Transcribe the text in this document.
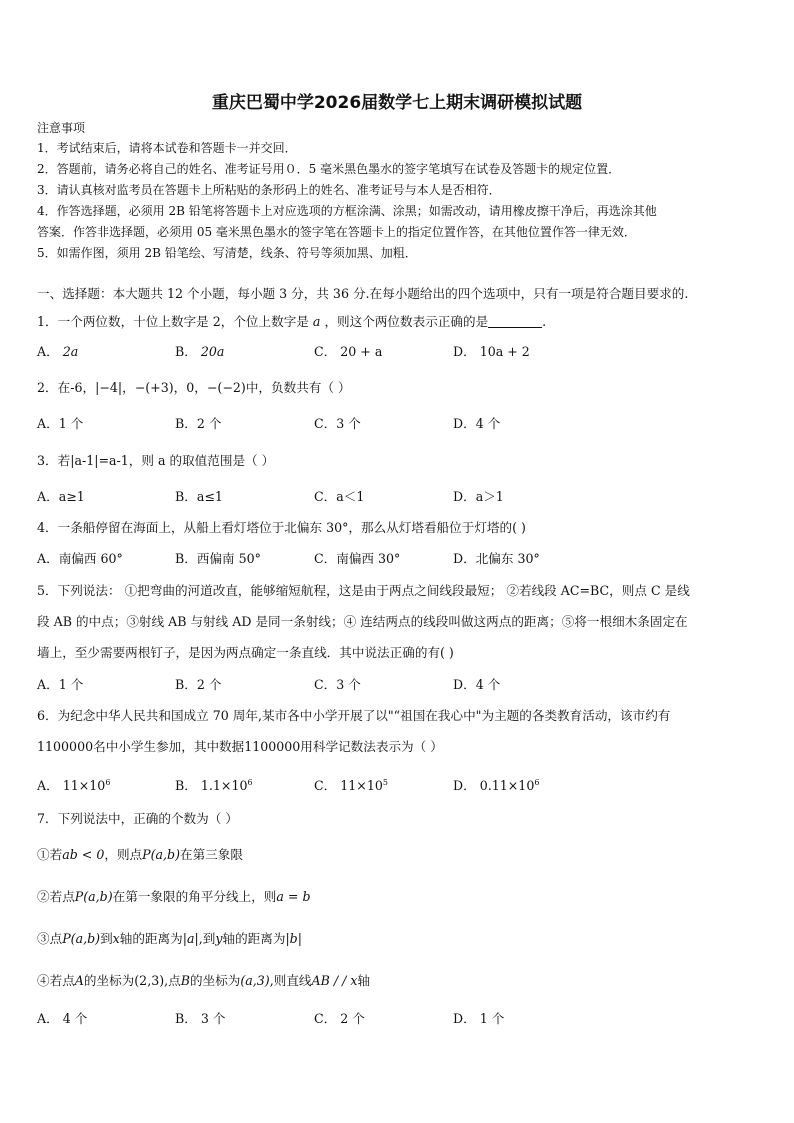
重庆巴蜀中学2026届数学七上期末调研模拟试题
注意事项
1．考试结束后，请将本试卷和答题卡一并交回．
2．答题前，请务必将自己的姓名、准考证号用０．5 毫米黑色墨水的签字笔填写在试卷及答题卡的规定位置．
3．请认真核对监考员在答题卡上所粘贴的条形码上的姓名、准考证号与本人是否相符．
4．作答选择题，必须用 2B 铅笔将答题卡上对应选项的方框涂满、涂黑；如需改动，请用橡皮擦干净后，再选涂其他
答案．作答非选择题，必须用 05 毫米黑色墨水的签字笔在答题卡上的指定位置作答，在其他位置作答一律无效．
5．如需作图，须用 2B 铅笔绘、写清楚，线条、符号等须加黑、加粗．
一、选择题：本大题共 12 个小题，每小题 3 分，共 36 分.在每小题给出的四个选项中，只有一项是符合题目要求的.
1．一个两位数，十位上数字是 2，个位上数字是 a ，则这个两位数表示正确的是	.
A． 2a	B． 20a	C． 20 + a	D． 10a + 2
2．在-6，|−4|，−(+3)，0，−(−2)中，负数共有（ ）
A．1 个	B．2 个	C．3 个	D．4 个
3．若|a-1|=a-1，则 a 的取值范围是（ ）
A．a≥1	B．a≤1	C．a＜1	D．a＞1
4．一条船停留在海面上，从船上看灯塔位于北偏东 30°，那么从灯塔看船位于灯塔的( )
A．南偏西 60°	B．西偏南 50°	C．南偏西 30°	D．北偏东 30°
5．下列说法： ①把弯曲的河道改直，能够缩短航程，这是由于两点之间线段最短； ②若线段 AC=BC，则点 C 是线
段 AB 的中点；③射线 AB 与射线 AD 是同一条射线；④ 连结两点的线段叫做这两点的距离；⑤将一根细木条固定在
墙上，至少需要两根钉子，是因为两点确定一条直线．其中说法正确的有( )
A．1 个	B．2 个	C．3 个	D．4 个
6．为纪念中华人民共和国成立 70 周年,某市各中小学开展了以"“祖国在我心中"为主题的各类教育活动，该市约有
1100000名中小学生参加，其中数据1100000用科学记数法表示为（ ）
A． $11\times 10^6$	B． $1.1\times 10^6$	C． $11\times 10^5$	D． $0.11\times 10^6$
7．下列说法中，正确的个数为（ ）
①若ab < 0，则点P(a,b)在第三象限
②若点P(a,b)在第一象限的角平分线上，则a = b
③点P(a,b)到x轴的距离为|a|,到y轴的距离为|b|
④若点A的坐标为(2,3),点B的坐标为(a,3),则直线AB / / x轴
A． 4 个	B． 3 个	C． 2 个	D． 1 个
